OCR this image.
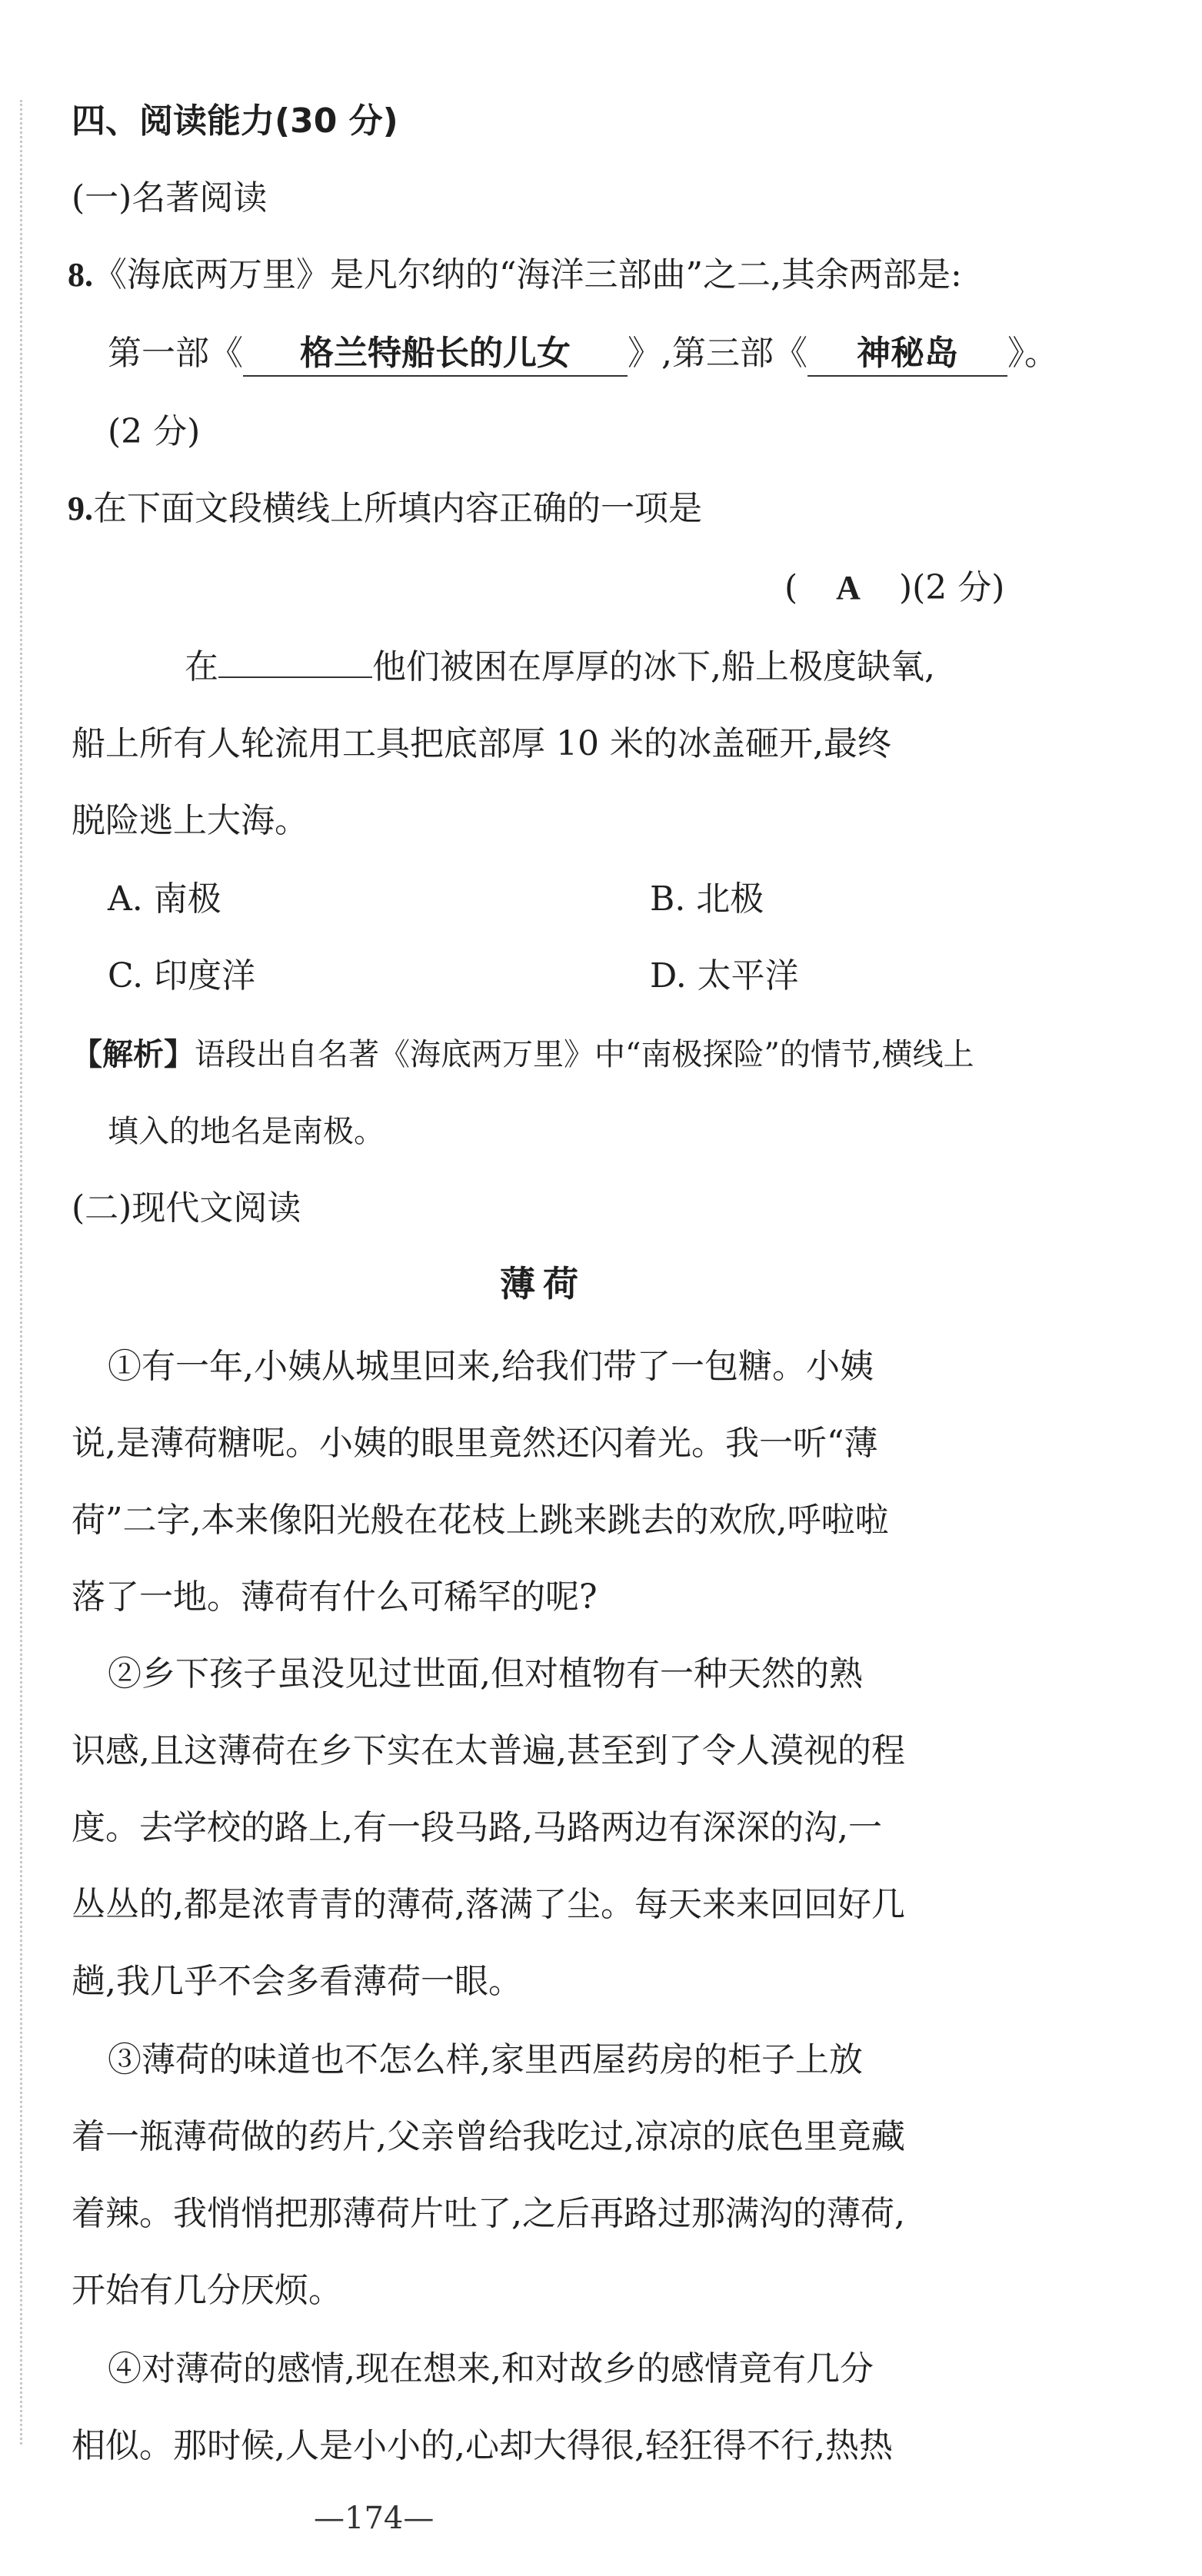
四、阅读能力(30 分)
(一)名著阅读
8.《海底两万里》是凡尔纳的“海洋三部曲”之二,其余两部是:
第一部《 格兰特船长的儿女 》,第三部《 神秘岛 》。
(2 分)
9.在下面文段横线上所填内容正确的一项是
( A )(2 分)
在	他们被困在厚厚的冰下,船上极度缺氧,
船上所有人轮流用工具把底部厚 10 米的冰盖砸开,最终
脱险逃上大海。
A. 南极	B. 北极
C. 印度洋	D. 太平洋
【解析】语段出自名著《海底两万里》中“南极探险”的情节,横线上
填入的地名是南极。
(二)现代文阅读
薄荷
①有一年,小姨从城里回来,给我们带了一包糖。小姨
说,是薄荷糖呢。小姨的眼里竟然还闪着光。我一听“薄
荷”二字,本来像阳光般在花枝上跳来跳去的欢欣,呼啦啦
落了一地。薄荷有什么可稀罕的呢?
②乡下孩子虽没见过世面,但对植物有一种天然的熟
识感,且这薄荷在乡下实在太普遍,甚至到了令人漠视的程
度。去学校的路上,有一段马路,马路两边有深深的沟,一
丛丛的,都是浓青青的薄荷,落满了尘。每天来来回回好几
趟,我几乎不会多看薄荷一眼。
③薄荷的味道也不怎么样,家里西屋药房的柜子上放
着一瓶薄荷做的药片,父亲曾给我吃过,凉凉的底色里竟藏
着辣。我悄悄把那薄荷片吐了,之后再路过那满沟的薄荷,
开始有几分厌烦。
④对薄荷的感情,现在想来,和对故乡的感情竟有几分
相似。那时候,人是小小的,心却大得很,轻狂得不行,热热
—174—
